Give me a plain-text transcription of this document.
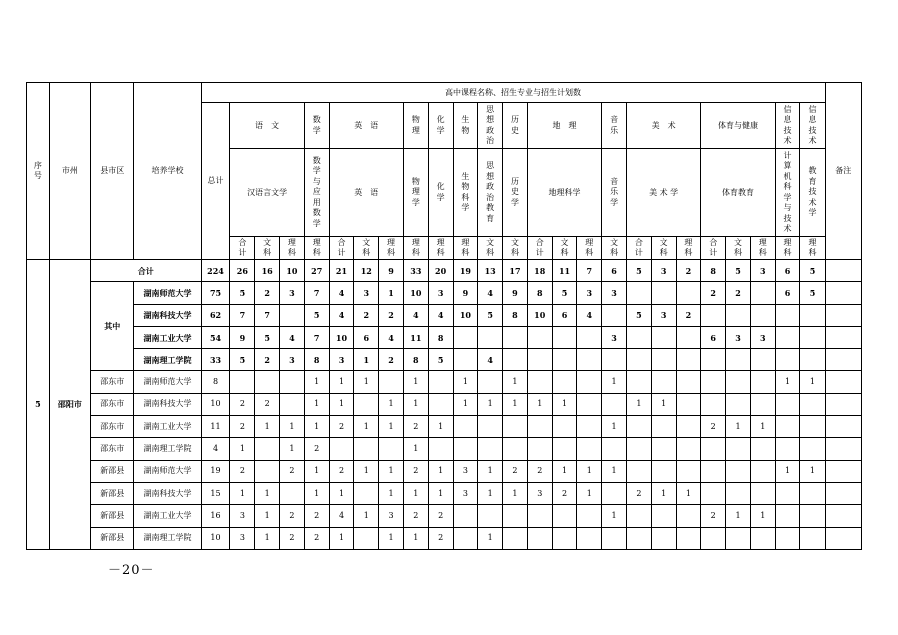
序号	市州	县市区	培养学校	高中课程名称、招生专业与招生计划数																									备注
				总计	语　文			数学	英　语			物理	化学	生物	思想政治	历史	地　理			音乐	美　术			体育与健康			信息技术	信息技术	
					汉语言文学			数学与应用数学	英　语			物理学	化学	生物科学	思想政治教育	历史学	地理科学			音乐学	美 术 学			体育教育			计算机科学与技术	教育技术学	
					合计	文科	理科	理科	合计	文科	理科	理科	理科	理科	文科	文科	合计	文科	理科	文科	合计	文科	理科	合计	文科	理科	理科	理科	
5	邵阳市	合计		224	26	16	10	27	21	12	9	33	20	19	13	17	18	11	7	6	5	3	2	8	5	3	6	5	
		其中	湖南师范大学	75	5	2	3	7	4	3	1	10	3	9	4	9	8	5	3	3				2	2		6	5	
			湖南科技大学	62	7	7		5	4	2	2	4	4	10	5	8	10	6	4		5	3	2						
			湖南工业大学	54	9	5	4	7	10	6	4	11	8							3				6	3	3			
			湖南理工学院	33	5	2	3	8	3	1	2	8	5		4														
		邵东市	湖南师范大学	8				1	1	1		1		1		1				1							1	1	
		邵东市	湖南科技大学	10	2	2		1	1		1	1		1	1	1	1	1			1	1							
		邵东市	湖南工业大学	11	2	1	1	1	2	1	1	2	1							1				2	1	1			
		邵东市	湖南理工学院	4	1		1	2				1																	
		新邵县	湖南师范大学	19	2		2	1	2	1	1	2	1	3	1	2	2	1	1	1							1	1	
		新邵县	湖南科技大学	15	1	1		1	1		1	1	1	3	1	1	3	2	1		2	1	1						
		新邵县	湖南工业大学	16	3	1	2	2	4	1	3	2	2							1				2	1	1			
		新邵县	湖南理工学院	10	3	1	2	2	1		1	1	2		1														
－20－
